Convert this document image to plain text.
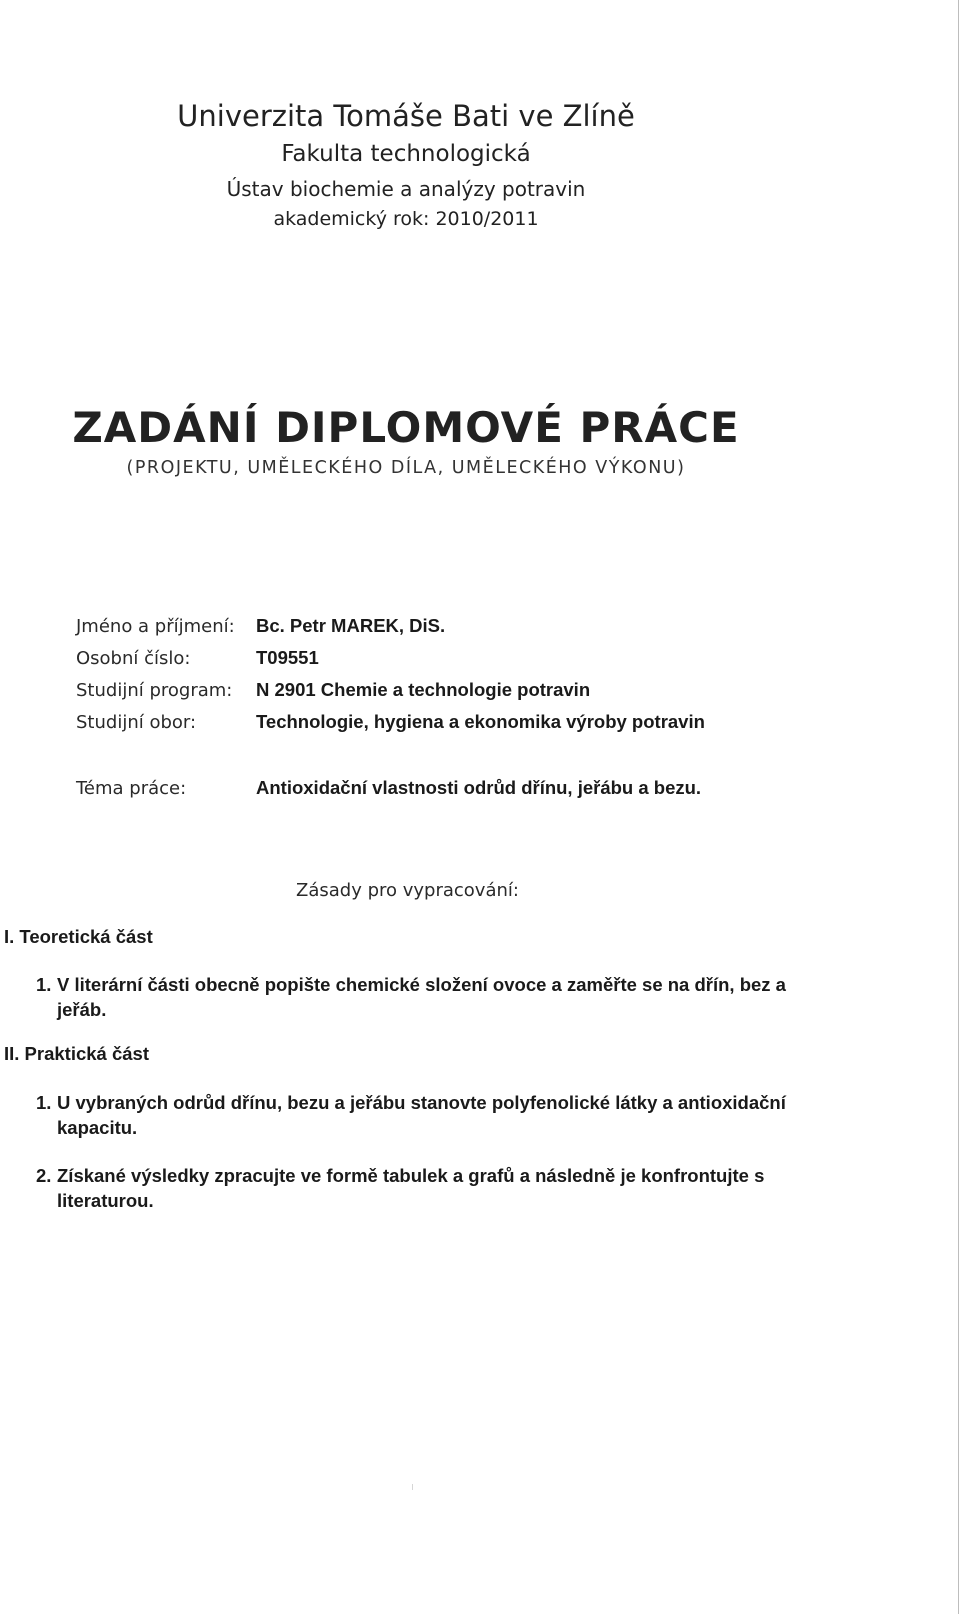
Univerzita Tomáše Bati ve Zlíně
Fakulta technologická
Ústav biochemie a analýzy potravin
akademický rok: 2010/2011
ZADÁNÍ DIPLOMOVÉ PRÁCE
(PROJEKTU, UMĚLECKÉHO DÍLA, UMĚLECKÉHO VÝKONU)
Jméno a příjmení: Bc. Petr MAREK, DiS.
Osobní číslo:	T09551
Studijní program: N 2901 Chemie a technologie potravin
Studijní obor:	Technologie, hygiena a ekonomika výroby potravin
Téma práce:	Antioxidační vlastnosti odrůd dřínu, jeřábu a bezu.
Zásady pro vypracování:
I. Teoretická část
1. V literární části obecně popište chemické složení ovoce a zaměřte se na dřín, bez a jeřáb.
II. Praktická část
1. U vybraných odrůd dřínu, bezu a jeřábu stanovte polyfenolické látky a antioxidační kapacitu.
2. Získané výsledky zpracujte ve formě tabulek a grafů a následně je konfrontujte s literaturou.
